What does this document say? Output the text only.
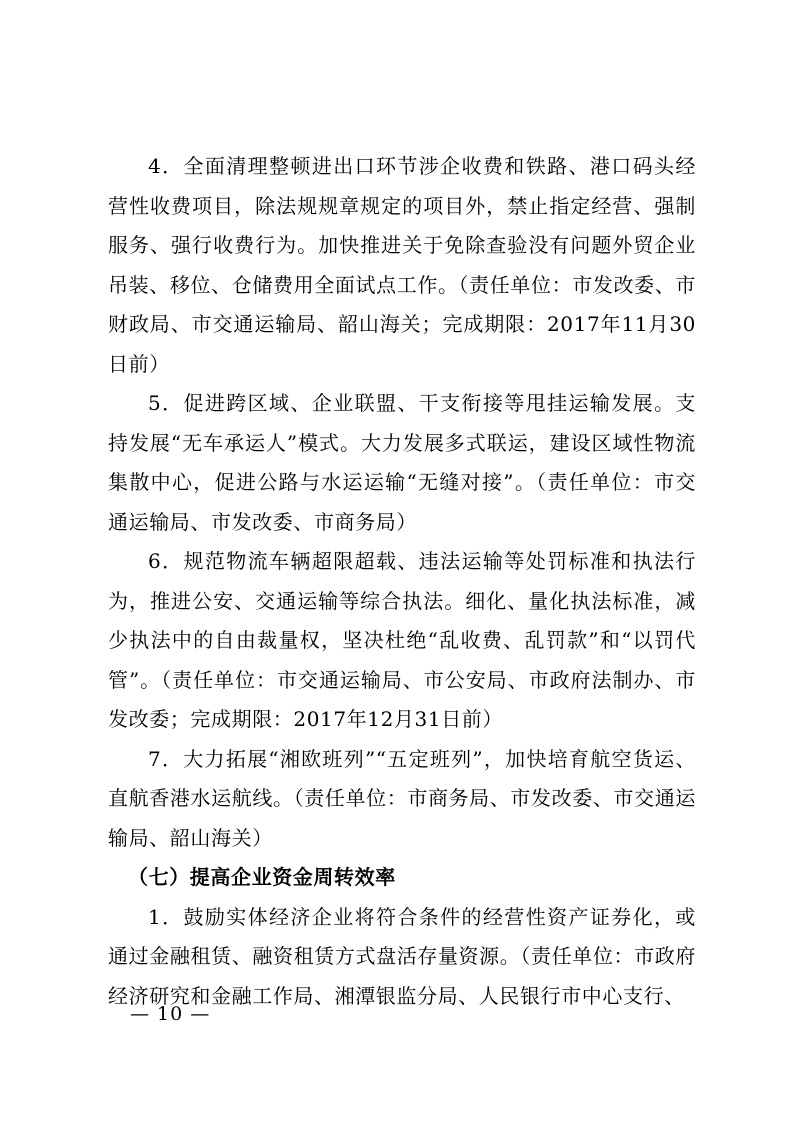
4．全面清理整顿进出口环节涉企收费和铁路、港口码头经营性收费项目，除法规规章规定的项目外，禁止指定经营、强制服务、强行收费行为。加快推进关于免除查验没有问题外贸企业吊装、移位、仓储费用全面试点工作。（责任单位：市发改委、市财政局、市交通运输局、韶山海关；完成期限：2017年11月30日前）

5．促进跨区域、企业联盟、干支衔接等甩挂运输发展。支持发展“无车承运人”模式。大力发展多式联运，建设区域性物流集散中心，促进公路与水运运输“无缝对接”。（责任单位：市交通运输局、市发改委、市商务局）

6．规范物流车辆超限超载、违法运输等处罚标准和执法行为，推进公安、交通运输等综合执法。细化、量化执法标准，减少执法中的自由裁量权，坚决杜绝“乱收费、乱罚款”和“以罚代管”。（责任单位：市交通运输局、市公安局、市政府法制办、市发改委；完成期限：2017年12月31日前）

7．大力拓展“湘欧班列”“五定班列”，加快培育航空货运、直航香港水运航线。（责任单位：市商务局、市发改委、市交通运输局、韶山海关）

（七）提高企业资金周转效率

1．鼓励实体经济企业将符合条件的经营性资产证券化，或通过金融租赁、融资租赁方式盘活存量资源。（责任单位：市政府经济研究和金融工作局、湘潭银监分局、人民银行市中心支行、

— 10 —
